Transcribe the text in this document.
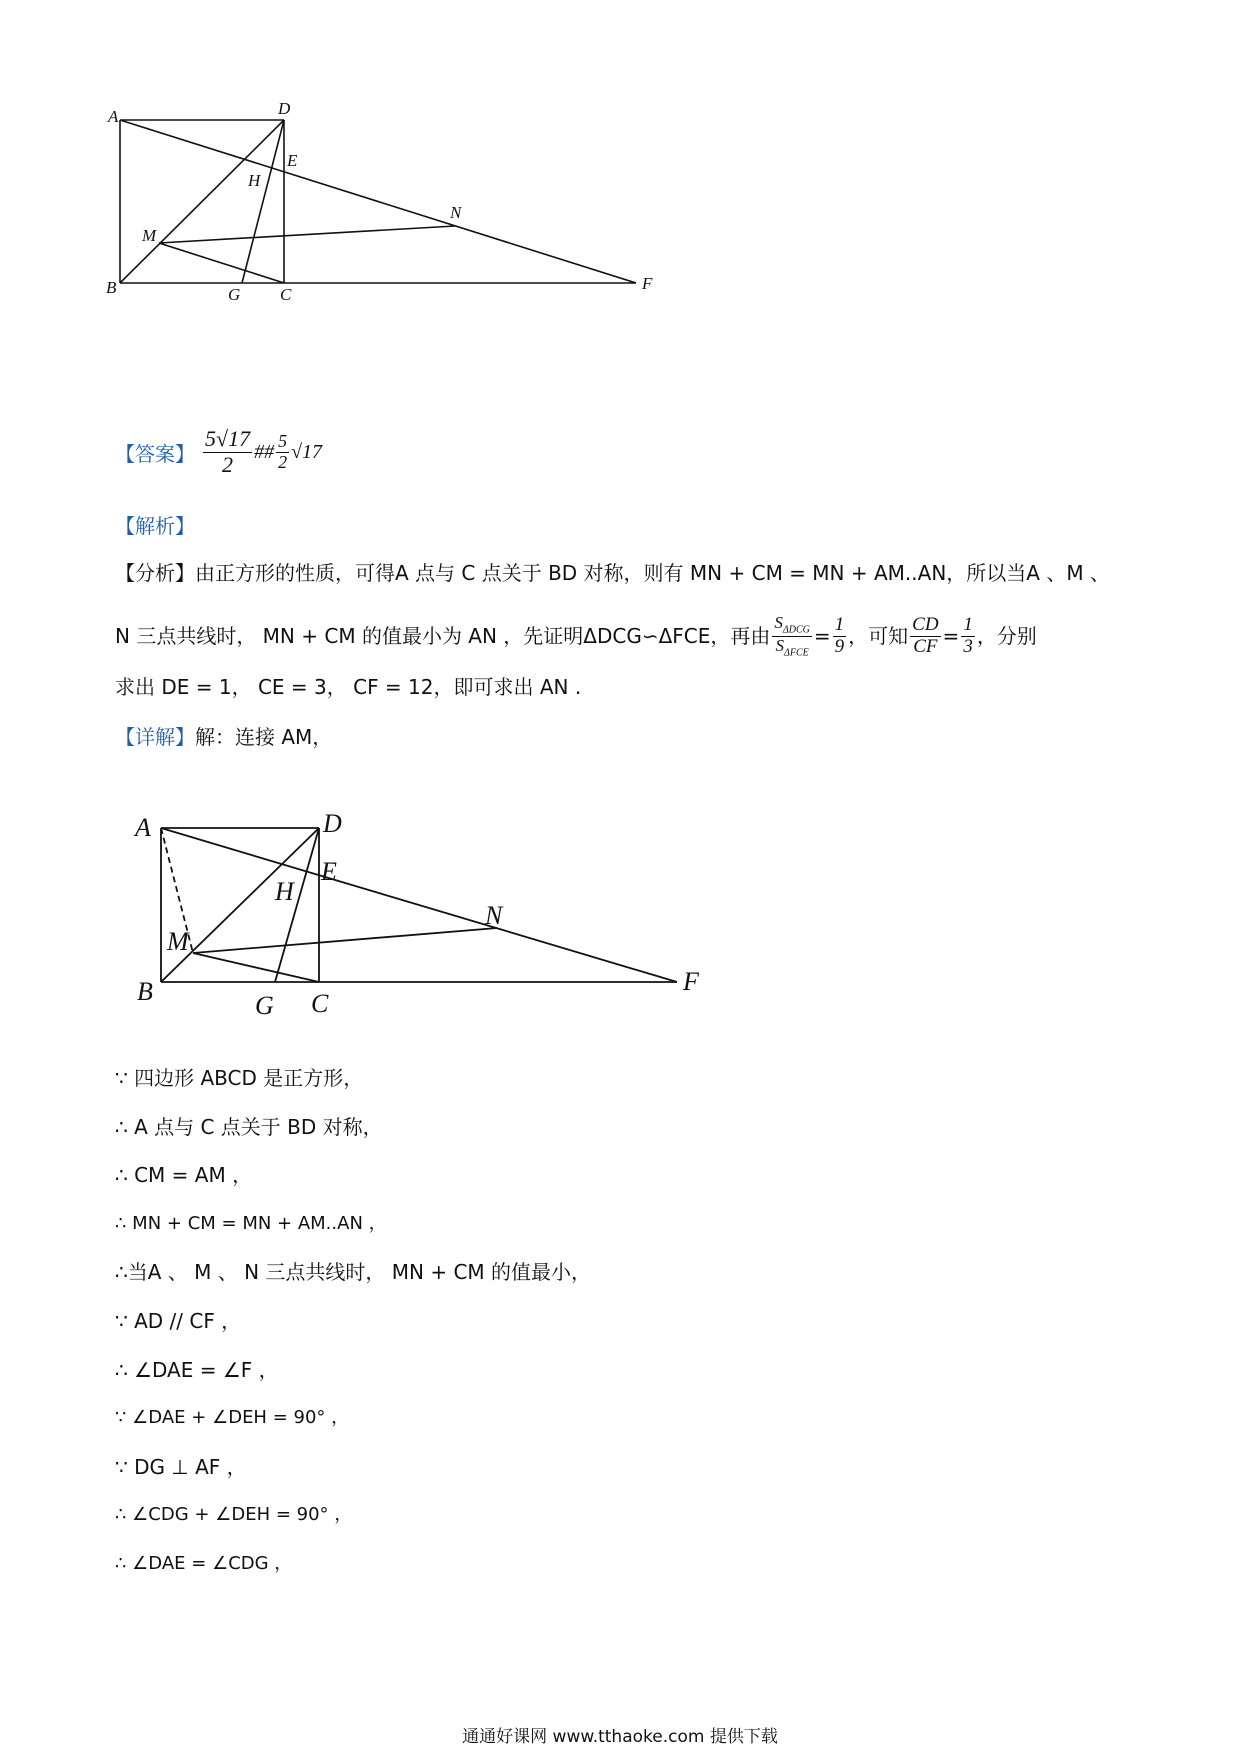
A	D
E
H
N
M
B	G C
F
【答案】 $\frac{5√17}{2}$ ## $\frac{5}{2} √17$
【解析】
【分析】由正方形的性质，可得A 点与 C 点关于 BD 对称，则有 MN + CM = MN + AM..AN，所以当A 、M 、
N 三点共线时， MN + CM 的值最小为 AN ，先证明ΔDCG∽ΔFCE，再由 $\frac{S_{\Delta DCG}}{S_{\Delta FCE}} = \frac{1}{9}$ ，可知 $\frac{CD}{CF} = \frac{1}{3}$ ，分别
求出 DE = 1， CE = 3， CF = 12，即可求出 AN .
【详解】解：连接 AM，
A	D
E
H
N
M
B	G C
F
∵ 四边形 ABCD 是正方形，
∴ A 点与 C 点关于 BD 对称，
∴ CM = AM ，
∴ MN + CM = MN + AM..AN ，
∴当A 、 M 、 N 三点共线时， MN + CM 的值最小，
∵ AD // CF ，
∴ ∠DAE = ∠F ，
∵ ∠DAE + ∠DEH = 90° ，
∵ DG ⊥ AF ，
∴ ∠CDG + ∠DEH = 90° ，
∴ ∠DAE = ∠CDG ，
通通好课网 www.tthaoke.com 提供下载
